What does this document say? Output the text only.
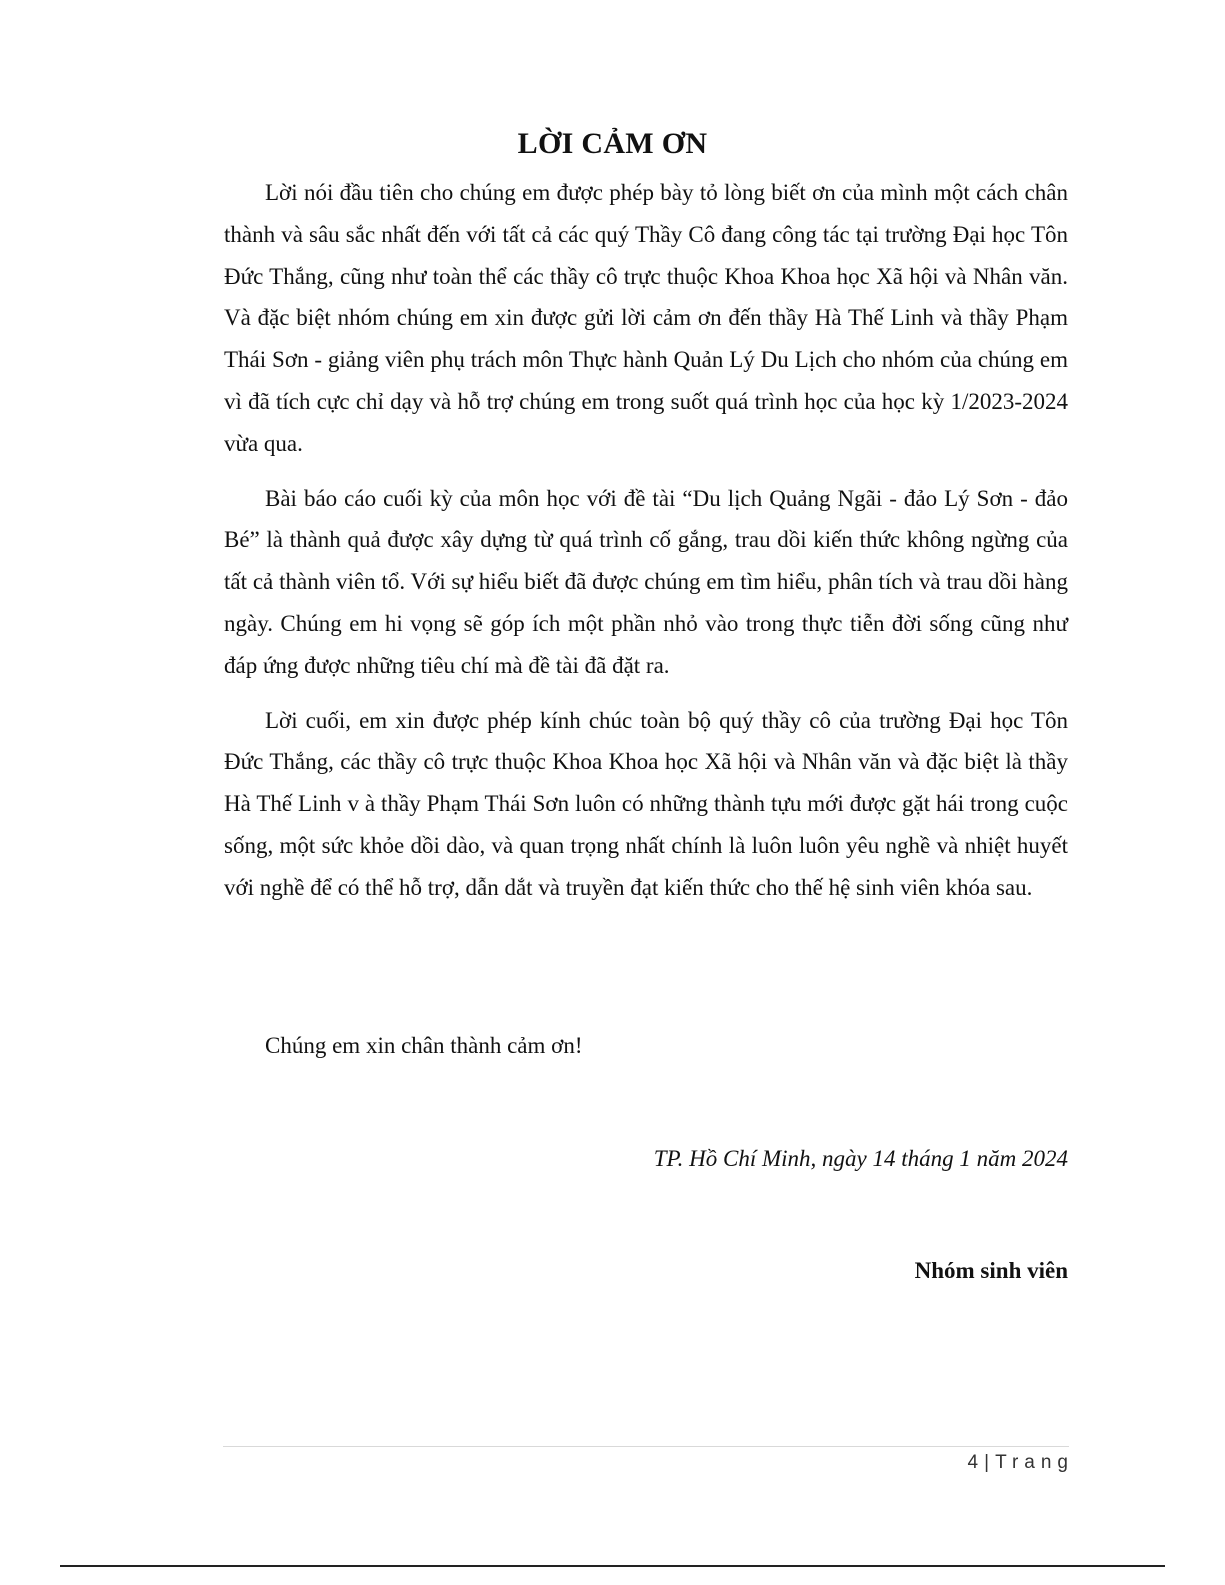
LỜI CẢM ƠN

Lời nói đầu tiên cho chúng em được phép bày tỏ lòng biết ơn của mình một cách chân thành và sâu sắc nhất đến với tất cả các quý Thầy Cô đang công tác tại trường Đại học Tôn Đức Thắng, cũng như toàn thể các thầy cô trực thuộc Khoa Khoa học Xã hội và Nhân văn. Và đặc biệt nhóm chúng em xin được gửi lời cảm ơn đến thầy Hà Thế Linh và thầy Phạm Thái Sơn - giảng viên phụ trách môn Thực hành Quản Lý Du Lịch cho nhóm của chúng em vì đã tích cực chỉ dạy và hỗ trợ chúng em trong suốt quá trình học của học kỳ 1/2023-2024 vừa qua.

Bài báo cáo cuối kỳ của môn học với đề tài “Du lịch Quảng Ngãi - đảo Lý Sơn - đảo Bé” là thành quả được xây dựng từ quá trình cố gắng, trau dồi kiến thức không ngừng của tất cả thành viên tổ. Với sự hiểu biết đã được chúng em tìm hiểu, phân tích và trau dồi hàng ngày. Chúng em hi vọng sẽ góp ích một phần nhỏ vào trong thực tiễn đời sống cũng như đáp ứng được những tiêu chí mà đề tài đã đặt ra.

Lời cuối, em xin được phép kính chúc toàn bộ quý thầy cô của trường Đại học Tôn Đức Thắng, các thầy cô trực thuộc Khoa Khoa học Xã hội và Nhân văn và đặc biệt là thầy Hà Thế Linh v à thầy Phạm Thái Sơn luôn có những thành tựu mới được gặt hái trong cuộc sống, một sức khỏe dồi dào, và quan trọng nhất chính là luôn luôn yêu nghề và nhiệt huyết với nghề để có thể hỗ trợ, dẫn dắt và truyền đạt kiến thức cho thế hệ sinh viên khóa sau.

Chúng em xin chân thành cảm ơn!
TP. Hồ Chí Minh, ngày 14 tháng 1 năm 2024
Nhóm sinh viên
4 | Trang
